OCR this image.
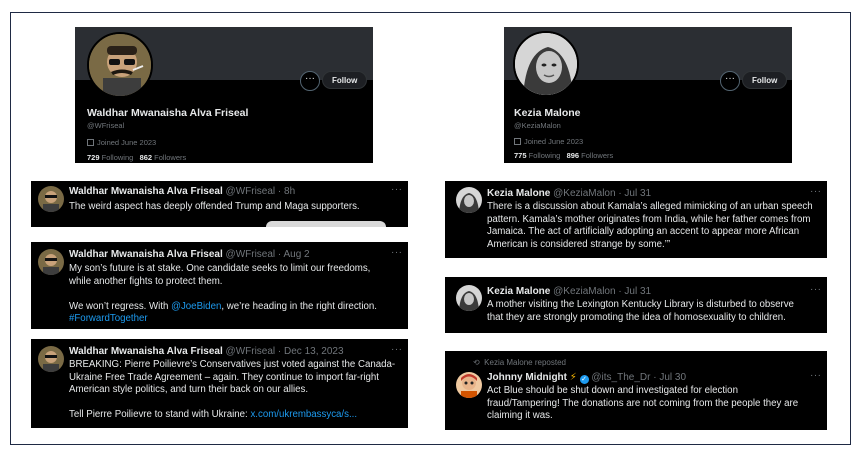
···	Follow
Waldhar Mwanaisha Alva Friseal
@WFriseal
Joined June 2023
729 Following 862 Followers
···	Follow
Kezia Malone
@KeziaMalon
Joined June 2023
775 Following 896 Followers
Waldhar Mwanaisha Alva Friseal @WFriseal · 8h	···
The weird aspect has deeply offended Trump and Maga supporters.
Waldhar Mwanaisha Alva Friseal @WFriseal · Aug 2	···
My son’s future is at stake. One candidate seeks to limit our freedoms,
while another fights to protect them.
We won’t regress. With @JoeBiden, we’re heading in the right direction.
#ForwardTogether
Waldhar Mwanaisha Alva Friseal @WFriseal · Dec 13, 2023	···
BREAKING: Pierre Poilievre’s Conservatives just voted against the Canada-
Ukraine Free Trade Agreement – again. They continue to import far-right
American style politics, and turn their back on our allies.
Tell Pierre Poilievre to stand with Ukraine: x.com/ukrembassyca/s...
Kezia Malone @KeziaMalon · Jul 31	···
There is a discussion about Kamala’s alleged mimicking of an urban speech
pattern. Kamala’s mother originates from India, while her father comes from
Jamaica. The act of artificially adopting an accent to appear more African
American is considered strange by some.’”
Kezia Malone @KeziaMalon · Jul 31	···
A mother visiting the Lexington Kentucky Library is disturbed to observe
that they are strongly promoting the idea of homosexuality to children.
⟲ Kezia Malone reposted
Johnny Midnight ⚡ ✓ @its_The_Dr · Jul 30	···
Act Blue should be shut down and investigated for election
fraud/Tampering! The donations are not coming from the people they are
claiming it was.
